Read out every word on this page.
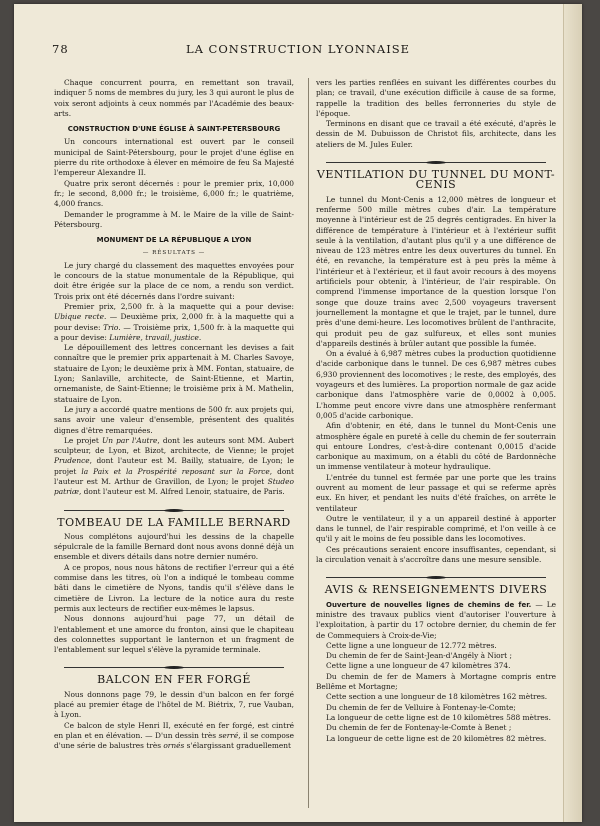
78	LA CONSTRUCTION LYONNAISE

Chaque concurrent pourra, en remettant son travail, indiquer 5 noms de membres du jury, les 3 qui auront le plus de voix seront adjoints à ceux nommés par l'Académie des beaux-arts.

CONSTRUCTION D'UNE ÉGLISE À SAINT-PETERSBOURG

Un concours international est ouvert par le conseil municipal de Saint-Pétersbourg, pour le projet d'une église en pierre du rite orthodoxe à élever en mémoire de feu Sa Majesté l'empereur Alexandre II.

Quatre prix seront décernés : pour le premier prix, 10,000 fr.; le second, 8,000 fr.; le troisième, 6,000 fr.; le quatrième, 4,000 francs.

Demander le programme à M. le Maire de la ville de Saint-Pétersbourg.

MONUMENT DE LA RÉPUBLIQUE A LYON
— RÉSULTATS —

Le jury chargé du classement des maquettes envoyées pour le concours de la statue monumentale de la République, qui doit être érigée sur la place de ce nom, a rendu son verdict. Trois prix ont été décernés dans l'ordre suivant:

Premier prix, 2,500 fr. à la maquette qui a pour devise: Ubique recte. — Deuxième prix, 2,000 fr. à la maquette qui a pour devise: Trio. — Troisième prix, 1,500 fr. à la maquette qui a pour devise: Lumière, travail, justice.

Le dépouillement des lettres concernant les devises a fait connaître que le premier prix appartenait à M. Charles Savoye, statuaire de Lyon; le deuxième prix à MM. Fontan, statuaire, de Lyon; Sanlaville, architecte, de Saint-Etienne, et Martin, ornemaniste, de Saint-Etienne; le troisième prix à M. Mathelin, statuaire de Lyon.

Le jury a accordé quatre mentions de 500 fr. aux projets qui, sans avoir une valeur d'ensemble, présentent des qualités dignes d'être remarquées.

Le projet Un par l'Autre, dont les auteurs sont MM. Aubert sculpteur, de Lyon, et Bizot, architecte, de Vienne; le projet Prudence, dont l'auteur est M. Bailly, statuaire, de Lyon; le projet la Paix et la Prospérité reposant sur la Force, dont l'auteur est M. Arthur de Gravillon, de Lyon; le projet Studeo patriæ, dont l'auteur est M. Alfred Lenoir, statuaire, de Paris.

TOMBEAU DE LA FAMILLE BERNARD

Nous complétons aujourd'hui les dessins de la chapelle sépulcrale de la famille Bernard dont nous avons donné déjà un ensemble et divers détails dans notre dernier numéro.

A ce propos, nous nous hâtons de rectifier l'erreur qui a été commise dans les titres, où l'on a indiqué le tombeau comme bâti dans le cimetière de Nyons, tandis qu'il s'élève dans le cimetière de Livron. La lecture de la notice aura du reste permis aux lecteurs de rectifier eux-mêmes le lapsus.

Nous donnons aujourd'hui page 77, un détail de l'entablement et une amorce du fronton, ainsi que le chapiteau des colonnettes supportant le lanternon et un fragment de l'entablement sur lequel s'élève la pyramide terminale.

BALCON EN FER FORGÉ

Nous donnons page 79, le dessin d'un balcon en fer forgé placé au premier étage de l'hôtel de M. Biétrix, 7, rue Vauban, à Lyon.

Ce balcon de style Henri II, exécuté en fer forgé, est cintré en plan et en élévation. — D'un dessin très serré, il se compose d'une série de balustres très ornés s'élargissant graduellement

vers les parties renflées en suivant les différentes courbes du plan; ce travail, d'une exécution difficile à cause de sa forme, rappelle la tradition des belles ferronneries du style de l'époque.

Terminons en disant que ce travail a été exécuté, d'après le dessin de M. Dubuisson de Christot fils, architecte, dans les ateliers de M. Jules Euler.

VENTILATION DU TUNNEL DU MONT-CENIS

Le tunnel du Mont-Cenis a 12,000 mètres de longueur et renferme 500 mille mètres cubes d'air. La température moyenne à l'intérieur est de 25 degrés centigrades. En hiver la différence de température à l'intérieur et à l'extérieur suffit seule à la ventilation, d'autant plus qu'il y a une différence de niveau de 123 mètres entre les deux ouvertures du tunnel. En été, en revanche, la température est à peu près la même à l'intérieur et à l'extérieur, et il faut avoir recours à des moyens artificiels pour obtenir, à l'intérieur, de l'air respirable. On comprend l'immense importance de la question lorsque l'on songe que douze trains avec 2,500 voyageurs traversent journellement la montagne et que le trajet, par le tunnel, dure près d'une demi-heure. Les locomotives brûlent de l'anthracite, qui produit peu de gaz sulfureux, et elles sont munies d'appareils destinés à brûler autant que possible la fumée.

On a évalué à 6,987 mètres cubes la production quotidienne d'acide carbonique dans le tunnel. De ces 6,987 mètres cubes 6,930 proviennent des locomotives ; le reste, des employés, des voyageurs et des lumières. La proportion normale de gaz acide carbonique dans l'atmosphère varie de 0,0002 à 0,005. L'homme peut encore vivre dans une atmosphère renfermant 0,005 d'acide carbonique.

Afin d'obtenir, en été, dans le tunnel du Mont-Cenis une atmosphère égale en pureté à celle du chemin de fer souterrain qui entoure Londres, c'est-à-dire contenant 0,0015 d'acide carbonique au maximum, on a établi du côté de Bardonnèche un immense ventilateur à moteur hydraulique.

L'entrée du tunnel est fermée par une porte que les trains ouvrent au moment de leur passage et qui se referme après eux. En hiver, et pendant les nuits d'été fraîches, on arrête le ventilateur

Outre le ventilateur, il y a un appareil destiné à apporter dans le tunnel, de l'air respirable comprimé, et l'on veille à ce qu'il y ait le moins de feu possible dans les locomotives.

Ces précautions seraient encore insuffisantes, cependant, si la circulation venait à s'accroître dans une mesure sensible.

AVIS & RENSEIGNEMENTS DIVERS

Ouverture de nouvelles lignes de chemins de fer. — Le ministre des travaux publics vient d'autoriser l'ouverture à l'exploitation, à partir du 17 octobre dernier, du chemin de fer de Commequiers à Croix-de-Vie;

Cette ligne a une longueur de 12.772 mètres.

Du chemin de fer de Saint-Jean-d'Angély à Niort ;

Cette ligne a une longueur de 47 kilomètres 374.

Du chemin de fer de Mamers à Mortagne compris entre Bellême et Mortagne;

Cette section a une longueur de 18 kilomètres 162 mètres.

Du chemin de fer de Velluire à Fontenay-le-Comte;

La longueur de cette ligne est de 10 kilomètres 588 mètres.

Du chemin de fer de Fontenay-le-Comte à Benet ;

La longueur de cette ligne est de 20 kilomètres 82 mètres.
